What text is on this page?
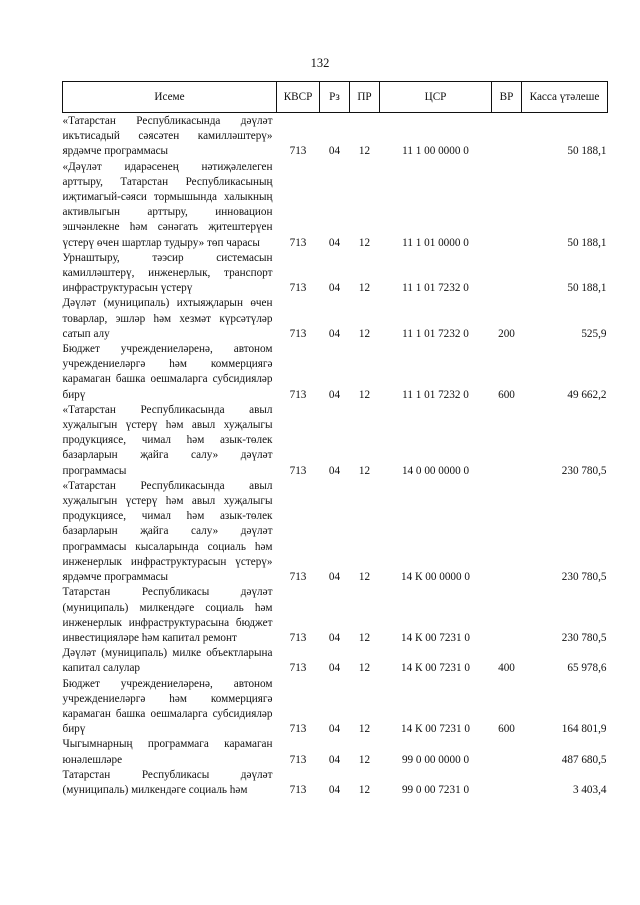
132
Исеме	КВСР	Рз	ПР	ЦСР	ВР	Касса үтәлеше
«Татарстан Республикасында дәүләт икътисадый сәясәтен камилләштерү» ярдәмче программасы	713	04	12	11 1 00 0000 0		50 188,1
«Дәүләт идарәсенең нәтиҗәлелеген арттыру, Татарстан Республикасының иҗтимагый-сәяси тормышында халыкның активлыгын арттыру, инновацион эшчәнлекне һәм сәнәгать җитештерүен үстерү өчен шартлар тудыру» төп чарасы	713	04	12	11 1 01 0000 0		50 188,1
Урнаштыру, тәэсир системасын камилләштерү, инженерлык, транспорт инфраструктурасын үстерү	713	04	12	11 1 01 7232 0		50 188,1
Дәүләт (муниципаль) ихтыяҗларын өчен товарлар, эшләр һәм хезмәт күрсәтүләр сатып алу	713	04	12	11 1 01 7232 0	200	525,9
Бюджет учреждениеләренә, автоном учреждениеләргә һәм коммерциягә карамаган башка оешмаларга субсидияләр бирү	713	04	12	11 1 01 7232 0	600	49 662,2
«Татарстан Республикасында авыл хуҗалыгын үстерү һәм авыл хуҗалыгы продукциясе, чимал һәм азык-төлек базарларын җайга салу» дәүләт программасы	713	04	12	14 0 00 0000 0		230 780,5
«Татарстан Республикасында авыл хуҗалыгын үстерү һәм авыл хуҗалыгы продукциясе, чимал һәм азык-төлек базарларын җайга салу» дәүләт программасы кысаларында социаль һәм инженерлык инфраструктурасын үстерү» ярдәмче программасы	713	04	12	14 К 00 0000 0		230 780,5
Татарстан Республикасы дәүләт (муниципаль) милкендәге социаль һәм инженерлык инфраструктурасына бюджет инвестицияләре һәм капитал ремонт	713	04	12	14 К 00 7231 0		230 780,5
Дәүләт (муниципаль) милке объектларына капитал салулар	713	04	12	14 К 00 7231 0	400	65 978,6
Бюджет учреждениеләренә, автоном учреждениеләргә һәм коммерциягә карамаган башка оешмаларга субсидияләр бирү	713	04	12	14 К 00 7231 0	600	164 801,9
Чыгымнарның программага карамаган юнәлешләре	713	04	12	99 0 00 0000 0		487 680,5
Татарстан Республикасы дәүләт (муниципаль) милкендәге социаль һәм	713	04	12	99 0 00 7231 0		3 403,4
